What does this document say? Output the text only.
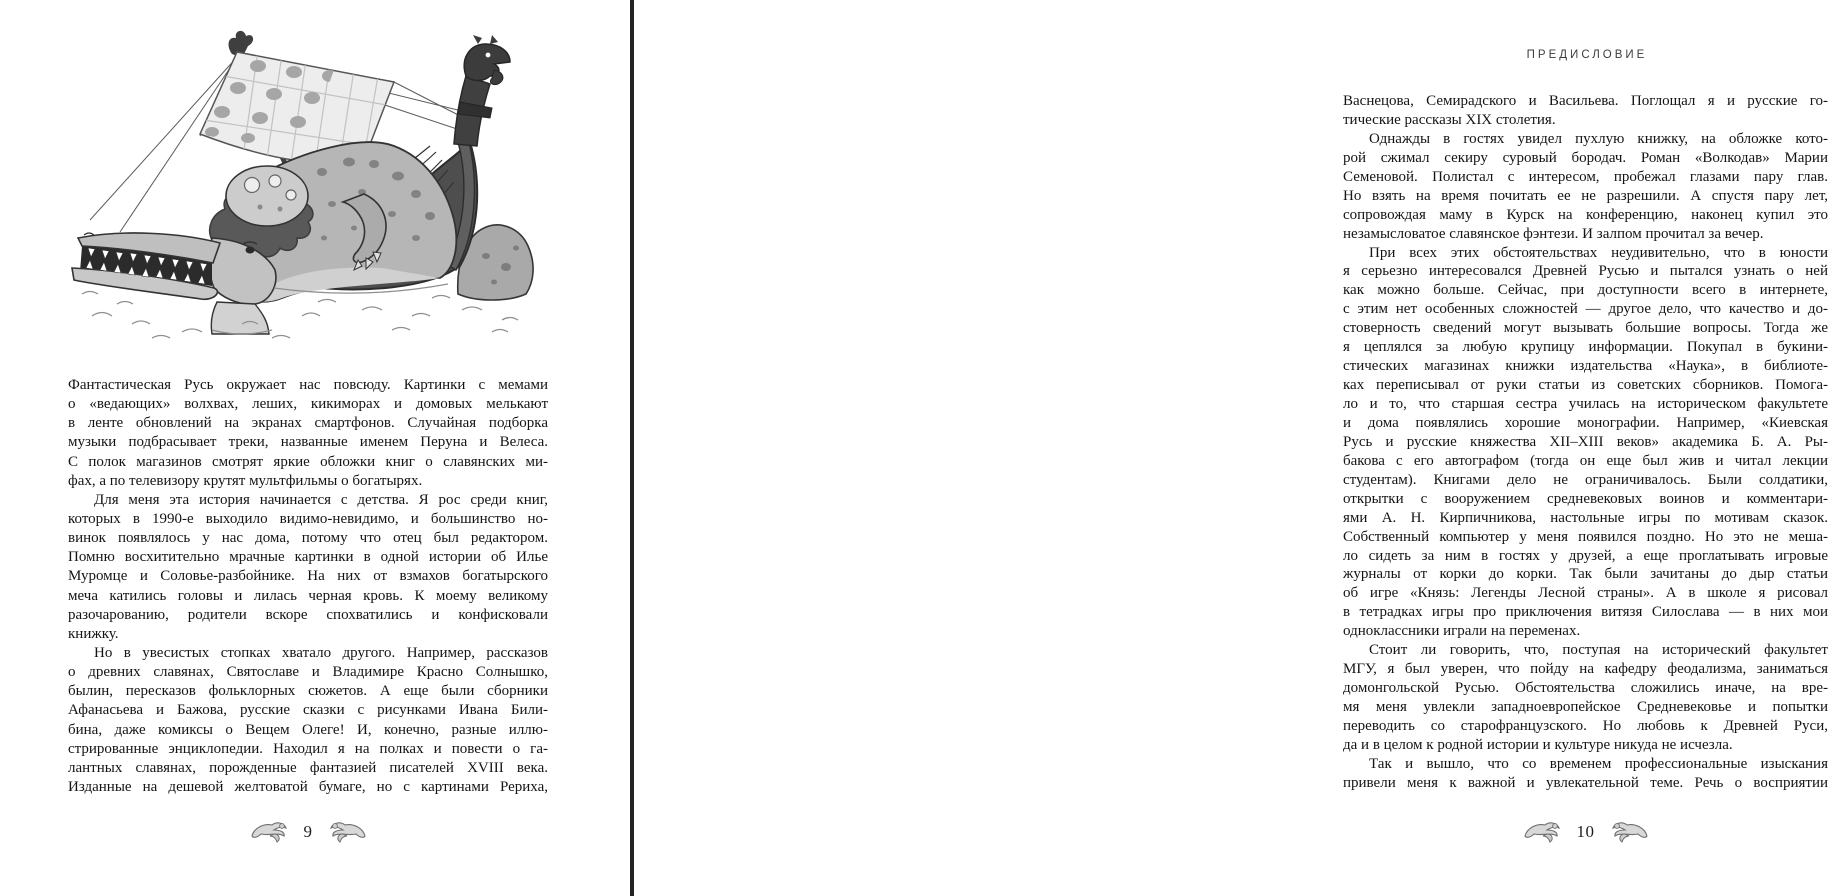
Фантастическая Русь окружает нас повсюду. Картинки с мемами
о «ведающих» волхвах, леших, кикиморах и домовых мелькают
в ленте обновлений на экранах смартфонов. Случайная подборка
музыки подбрасывает треки, названные именем Перуна и Велеса.
С полок магазинов смотрят яркие обложки книг о славянских ми-
фах, а по телевизору крутят мультфильмы о богатырях.
Для меня эта история начинается с детства. Я рос среди книг,
которых в 1990-е выходило видимо-невидимо, и большинство но-
винок появлялось у нас дома, потому что отец был редактором.
Помню восхитительно мрачные картинки в одной истории об Илье
Муромце и Соловье-разбойнике. На них от взмахов богатырского
меча катились головы и лилась черная кровь. К моему великому
разочарованию, родители вскоре спохватились и конфисковали
книжку.
Но в увесистых стопках хватало другого. Например, рассказов
о древних славянах, Святославе и Владимире Красно Солнышко,
былин, пересказов фольклорных сюжетов. А еще были сборники
Афанасьева и Бажова, русские сказки с рисунками Ивана Били-
бина, даже комиксы о Вещем Олеге! И, конечно, разные иллю-
стрированные энциклопедии. Находил я на полках и повести о га-
лантных славянах, порожденные фантазией писателей XVIII века.
Изданные на дешевой желтоватой бумаге, но с картинами Рериха,
9
ПРЕДИСЛОВИЕ
Васнецова, Семирадского и Васильева. Поглощал я и русские го-
тические рассказы XIX столетия.
Однажды в гостях увидел пухлую книжку, на обложке кото-
рой сжимал секиру суровый бородач. Роман «Волкодав» Марии
Семеновой. Полистал с интересом, пробежал глазами пару глав.
Но взять на время почитать ее не разрешили. А спустя пару лет,
сопровождая маму в Курск на конференцию, наконец купил это
незамысловатое славянское фэнтези. И залпом прочитал за вечер.
При всех этих обстоятельствах неудивительно, что в юности
я серьезно интересовался Древней Русью и пытался узнать о ней
как можно больше. Сейчас, при доступности всего в интернете,
с этим нет особенных сложностей — другое дело, что качество и до-
стоверность сведений могут вызывать большие вопросы. Тогда же
я цеплялся за любую крупицу информации. Покупал в букини-
стических магазинах книжки издательства «Наука», в библиоте-
ках переписывал от руки статьи из советских сборников. Помога-
ло и то, что старшая сестра училась на историческом факультете
и дома появлялись хорошие монографии. Например, «Киевская
Русь и русские княжества XII–XIII веков» академика Б. А. Ры-
бакова с его автографом (тогда он еще был жив и читал лекции
студентам). Книгами дело не ограничивалось. Были солдатики,
открытки с вооружением средневековых воинов и комментари-
ями А. Н. Кирпичникова, настольные игры по мотивам сказок.
Собственный компьютер у меня появился поздно. Но это не меша-
ло сидеть за ним в гостях у друзей, а еще проглатывать игровые
журналы от корки до корки. Так были зачитаны до дыр статьи
об игре «Князь: Легенды Лесной страны». А в школе я рисовал
в тетрадках игры про приключения витязя Силослава — в них мои
одноклассники играли на переменах.
Стоит ли говорить, что, поступая на исторический факультет
МГУ, я был уверен, что пойду на кафедру феодализма, заниматься
домонгольской Русью. Обстоятельства сложились иначе, на вре-
мя меня увлекли западноевропейское Средневековье и попытки
переводить со старофранцузского. Но любовь к Древней Руси,
да и в целом к родной истории и культуре никуда не исчезла.
Так и вышло, что со временем профессиональные изыскания
привели меня к важной и увлекательной теме. Речь о восприятии
10
